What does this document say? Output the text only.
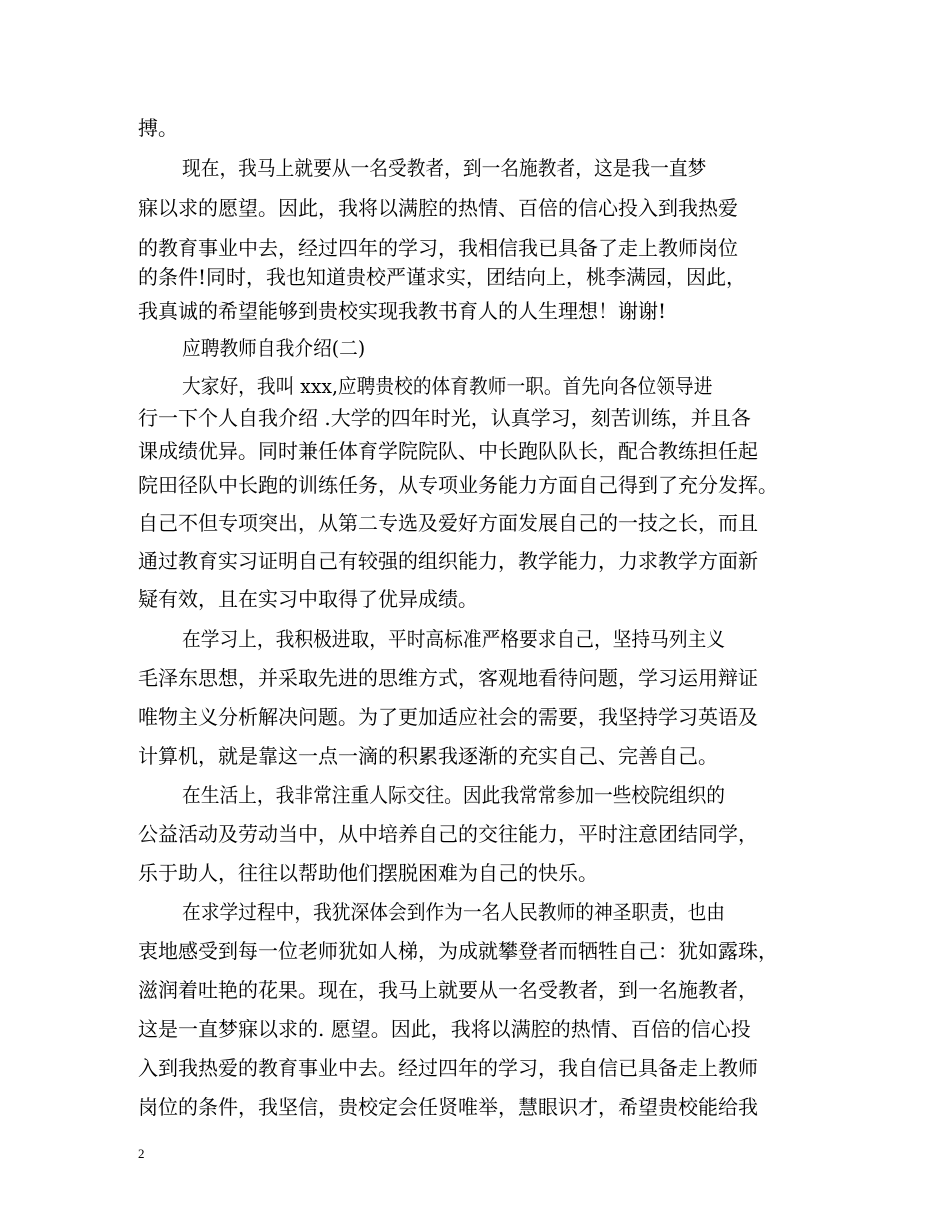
搏。
现在，我马上就要从一名受教者，到一名施教者，这是我一直梦
寐以求的愿望。因此，我将以满腔的热情、百倍的信心投入到我热爱
的教育事业中去，经过四年的学习，我相信我已具备了走上教师岗位
的条件!同时，我也知道贵校严谨求实，团结向上，桃李满园，因此，
我真诚的希望能够到贵校实现我教书育人的人生理想！谢谢!
应聘教师自我介绍(二)
大家好，我叫 xxx,应聘贵校的体育教师一职。首先向各位领导进
行一下个人自我介绍 .大学的四年时光，认真学习，刻苦训练，并且各
课成绩优异。同时兼任体育学院院队、中长跑队队长，配合教练担任起
院田径队中长跑的训练任务，从专项业务能力方面自己得到了充分发挥。
自己不但专项突出，从第二专选及爱好方面发展自己的一技之长，而且
通过教育实习证明自己有较强的组织能力，教学能力，力求教学方面新
疑有效，且在实习中取得了优异成绩。
在学习上，我积极进取，平时高标准严格要求自己，坚持马列主义
毛泽东思想，并采取先进的思维方式，客观地看待问题，学习运用辩证
唯物主义分析解决问题。为了更加适应社会的需要，我坚持学习英语及
计算机，就是靠这一点一滴的积累我逐渐的充实自己、完善自己。
在生活上，我非常注重人际交往。因此我常常参加一些校院组织的
公益活动及劳动当中，从中培养自己的交往能力，平时注意团结同学，
乐于助人，往往以帮助他们摆脱困难为自己的快乐。
在求学过程中，我犹深体会到作为一名人民教师的神圣职责，也由
衷地感受到每一位老师犹如人梯，为成就攀登者而牺牲自己：犹如露珠，
滋润着吐艳的花果。现在，我马上就要从一名受教者，到一名施教者，
这是一直梦寐以求的. 愿望。因此，我将以满腔的热情、百倍的信心投
入到我热爱的教育事业中去。经过四年的学习，我自信已具备走上教师
岗位的条件，我坚信，贵校定会任贤唯举，慧眼识才，希望贵校能给我
2
